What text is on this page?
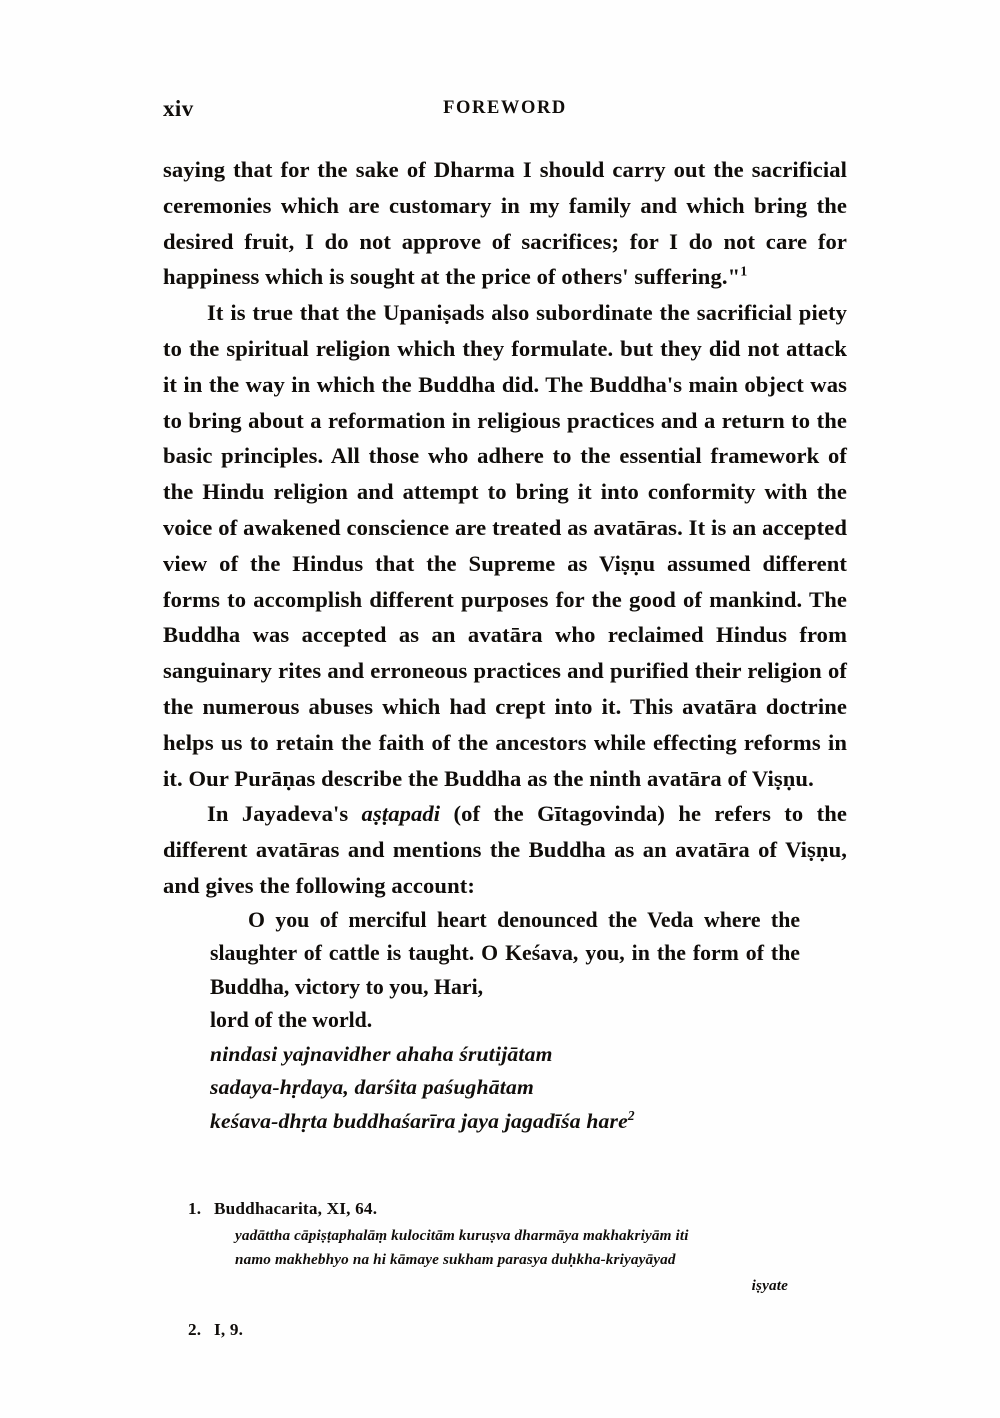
xiv	FOREWORD

saying that for the sake of Dharma I should carry out the sacrificial ceremonies which are customary in my family and which bring the desired fruit, I do not approve of sacrifices; for I do not care for happiness which is sought at the price of others' suffering."$^1$

It is true that the Upaniṣads also subordinate the sacrificial piety to the spiritual religion which they formulate. but they did not attack it in the way in which the Buddha did. The Buddha's main object was to bring about a reformation in religious practices and a return to the basic principles. All those who adhere to the essential framework of the Hindu religion and attempt to bring it into conformity with the voice of awakened conscience are treated as avatāras. It is an accepted view of the Hindus that the Supreme as Viṣṇu assumed different forms to accomplish different purposes for the good of mankind. The Buddha was accepted as an avatāra who reclaimed Hindus from sanguinary rites and erroneous practices and purified their religion of the numerous abuses which had crept into it. This avatāra doctrine helps us to retain the faith of the ancestors while effecting reforms in it. Our Purāṇas describe the Buddha as the ninth avatāra of Viṣṇu.

In Jayadeva's aṣṭapadi (of the Gītagovinda) he refers to the different avatāras and mentions the Buddha as an avatāra of Viṣṇu, and gives the following account:

O you of merciful heart denounced the Veda where the slaughter of cattle is taught. O Keśava, you, in the form of the Buddha, victory to you, Hari,

lord of the world.

nindasi yajnavidher ahaha śrutijātam
sadaya-hṛdaya, darśita paśughātam
keśava-dhṛta buddhaśarīra jaya jagadīśa hare$^2$
1. Buddhacarita, XI, 64.
yadāttha cāpiṣṭaphalāṃ kulocitām kuruṣva dharmāya makhakriyām iti
namo makhebhyo na hi kāmaye sukham parasya duḥkha-kriyayāyad
iṣyate
2. I, 9.
